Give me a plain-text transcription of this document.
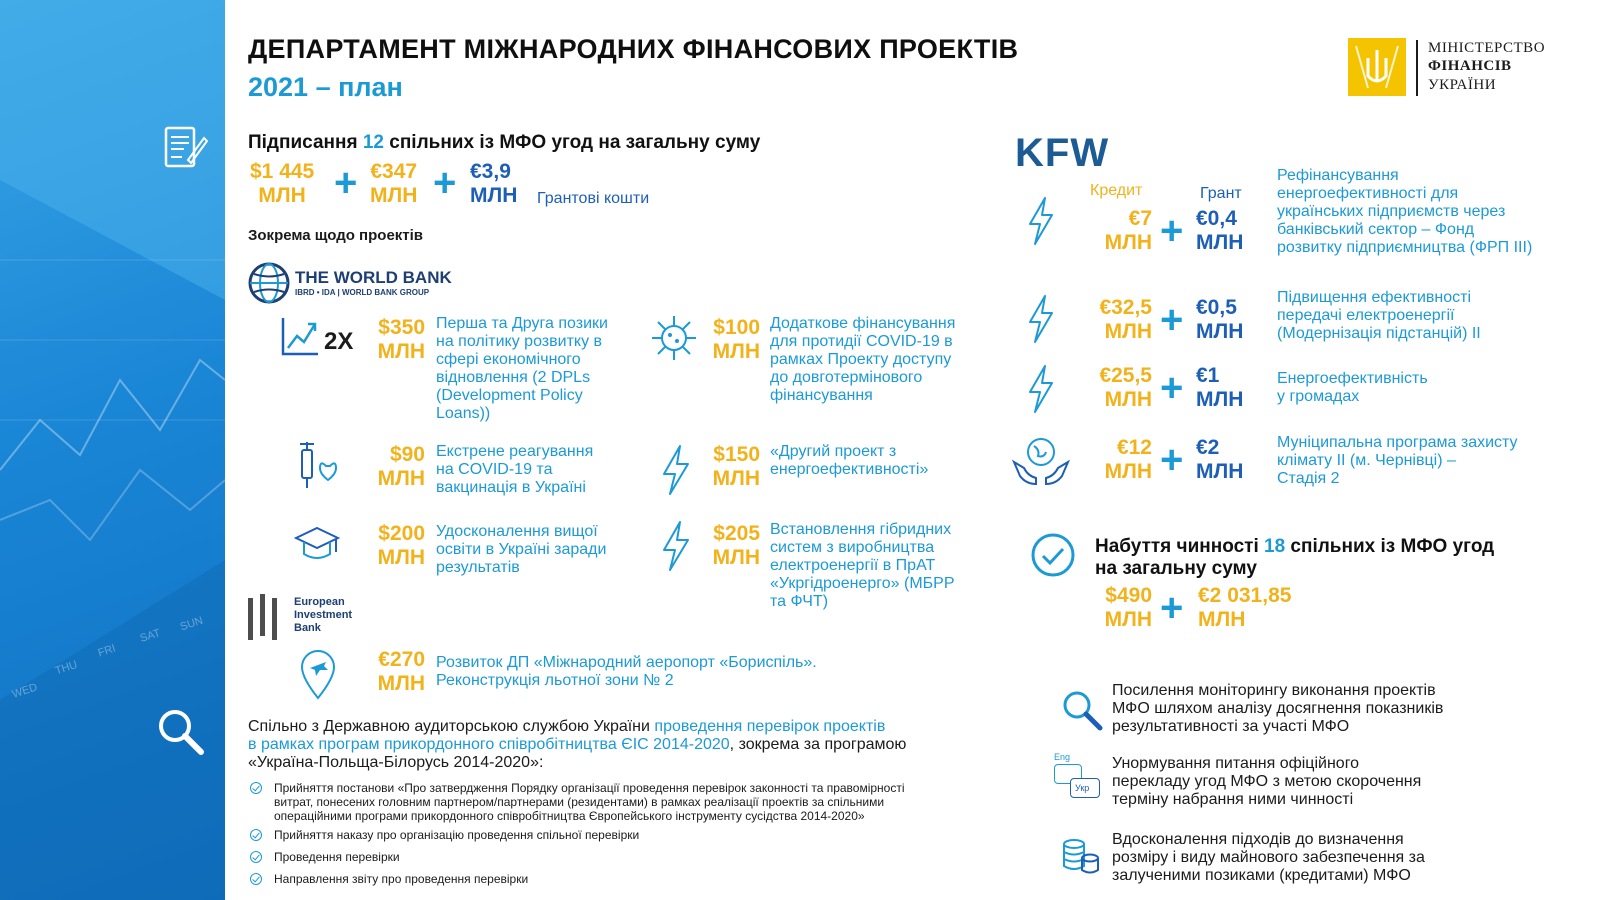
WED
THU
FRI
SAT
SUN
ДЕПАРТАМЕНТ МІЖНАРОДНИХ ФІНАНСОВИХ ПРОЕКТІВ
2021 – план
МІНІСТЕРСТВО
ФІНАНСІВ
УКРАЇНИ
Підписання 12 спільних із МФО угод на загальну суму
$1 445
МЛН + €347
МЛН + €3,9
МЛН Грантові кошти
Зокрема щодо проектів
THE WORLD BANK
IBRD • IDA | WORLD BANK GROUP
2X
$350
МЛН
Перша та Друга позики
на політику розвитку в
сфері економічного
відновлення (2 DPLs
(Development Policy
Loans))
$90
МЛН
Екстрене реагування
на COVID-19 та
вакцинація в Україні
$200
МЛН
Удосконалення вищої
освіти в Україні заради
результатів
$100
МЛН
Додаткове фінансування
для протидії COVID-19 в
рамках Проекту доступу
до довготермінового
фінансування
$150
МЛН
«Другий проект з
енергоефективності»
$205
МЛН
Встановлення гібридних
систем з виробництва
електроенергії в ПрАТ
«Укргідроенерго» (МБРР
та ФЧТ)
European
Investment
Bank
€270
МЛН
Розвиток ДП «Міжнародний аеропорт «Бориспіль».
Реконструкція льотної зони № 2
Спільно з Державною аудиторською службою України проведення перевірок проектів
в рамках програм прикордонного співробітництва ЄІС 2014-2020, зокрема за програмою
«Україна-Польща-Білорусь 2014-2020»:
Прийняття постанови «Про затвердження Порядку організації проведення перевірок законності та правомірності
витрат, понесених головним партнером/партнерами (резидентами) в рамках реалізації проектів за спільними
операційними програми прикордонного співробітництва Європейського інструменту сусідства 2014-2020»
Прийняття наказу про організацію проведення спільної перевірки
Проведення перевірки
Направлення звіту про проведення перевірки
KFW
Кредит	Грант
€7
МЛН + €0,4
МЛН
Рефінансування
енергоефективності для
українських підприємств через
банківський сектор – Фонд
розвитку підприємництва (ФРП III)
€32,5
МЛН + €0,5
МЛН
Підвищення ефективності
передачі електроенергії
(Модернізація підстанцій) II
€25,5
МЛН + €1
МЛН
Енергоефективність
у громадах
€12
МЛН + €2
МЛН
Муніципальна програма захисту
клімату II (м. Чернівці) –
Стадія 2
Набуття чинності 18 спільних із МФО угод
на загальну суму
$490
МЛН + €2 031,85
МЛН
Посилення моніторингу виконання проектів
МФО шляхом аналізу досягнення показників
результативності за участі МФО
Eng
Укр
Унормування питання офіційного
перекладу угод МФО з метою скорочення
терміну набрання ними чинності
Вдосконалення підходів до визначення
розміру і виду майнового забезпечення за
залученими позиками (кредитами) МФО
